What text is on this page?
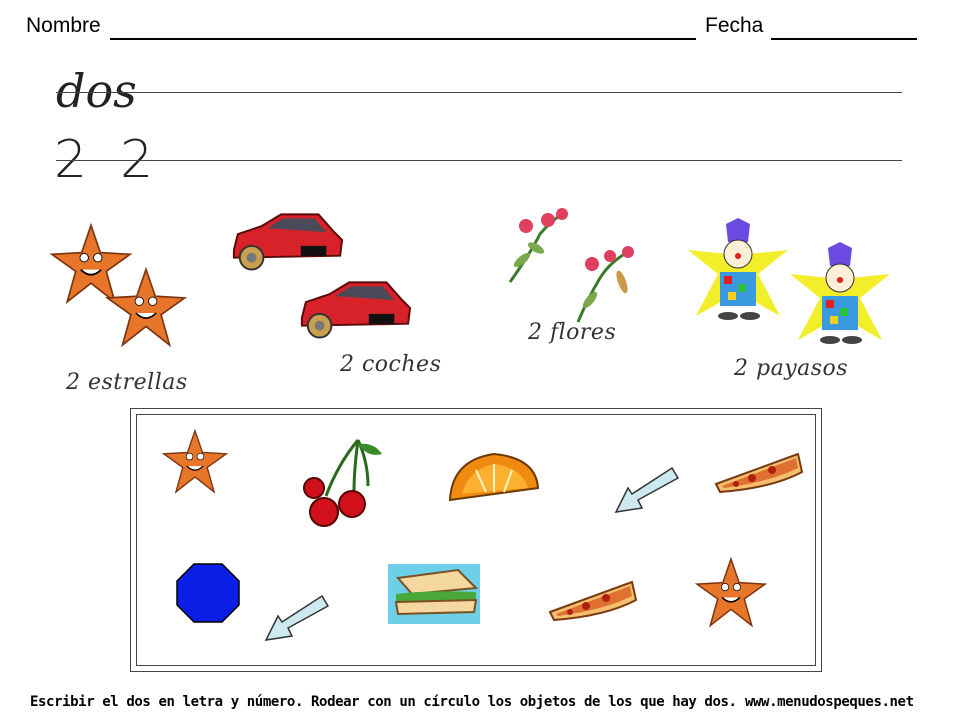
Nombre	Fecha
dos
2  2
2 estrellas
2 coches
2 flores
2 payasos
Escribir el dos en letra y número. Rodear con un círculo los objetos de los que hay dos. www.menudospeques.net
